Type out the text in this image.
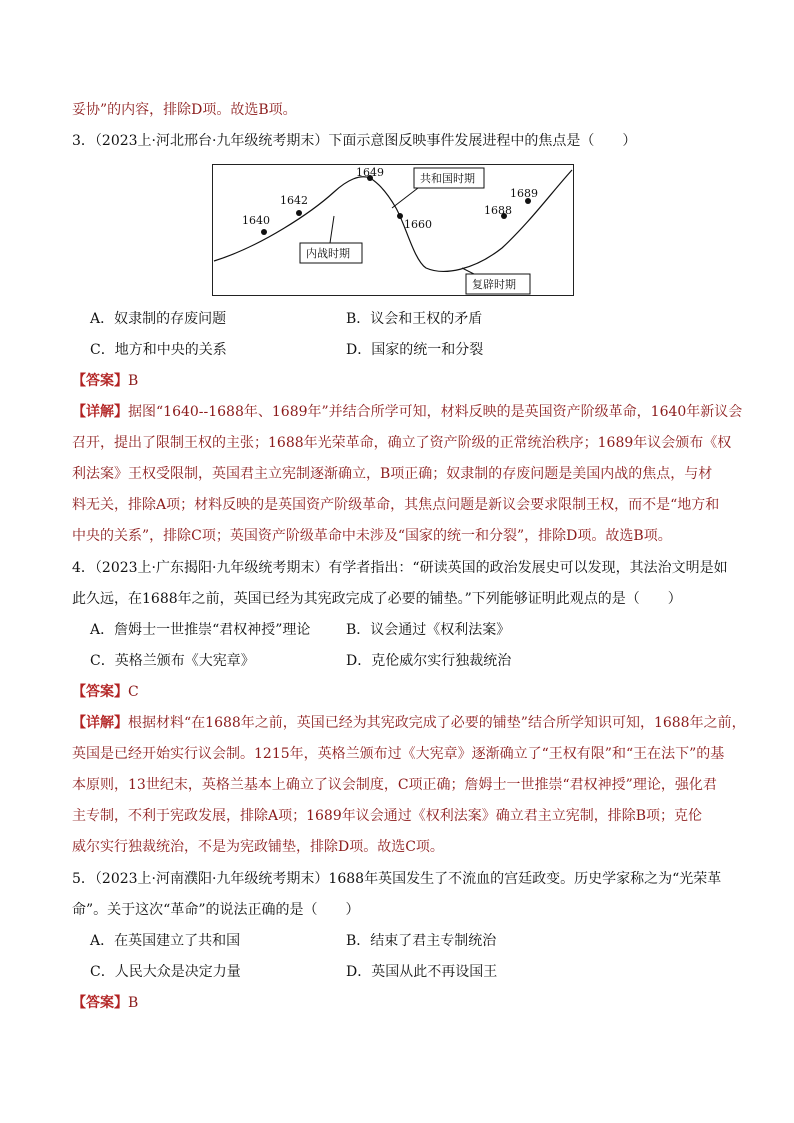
妥协”的内容，排除D项。故选B项。
3．（2023上·河北邢台·九年级统考期末）下面示意图反映事件发展进程中的焦点是（　　）
1640
1642
1649
1660
1688
1689
内战时期
共和国时期
复辟时期
A．奴隶制的存废问题	B．议会和王权的矛盾
C．地方和中央的关系	D．国家的统一和分裂
【答案】B
【详解】据图“1640--1688年、1689年”并结合所学可知，材料反映的是英国资产阶级革命，1640年新议会
召开，提出了限制王权的主张；1688年光荣革命，确立了资产阶级的正常统治秩序；1689年议会颁布《权
利法案》王权受限制，英国君主立宪制逐渐确立，B项正确；奴隶制的存废问题是美国内战的焦点，与材
料无关，排除A项；材料反映的是英国资产阶级革命，其焦点问题是新议会要求限制王权，而不是“地方和
中央的关系”，排除C项；英国资产阶级革命中未涉及“国家的统一和分裂”，排除D项。故选B项。
4．（2023上·广东揭阳·九年级统考期末）有学者指出：“研读英国的政治发展史可以发现，其法治文明是如
此久远，在1688年之前，英国已经为其宪政完成了必要的铺垫。”下列能够证明此观点的是（　　）
A．詹姆士一世推崇“君权神授”理论	B．议会通过《权利法案》
C．英格兰颁布《大宪章》	D．克伦威尔实行独裁统治
【答案】C
【详解】根据材料“在1688年之前，英国已经为其宪政完成了必要的铺垫”结合所学知识可知，1688年之前，
英国是已经开始实行议会制。1215年，英格兰颁布过《大宪章》逐渐确立了“王权有限”和“王在法下”的基
本原则，13世纪末，英格兰基本上确立了议会制度，C项正确；詹姆士一世推崇“君权神授”理论，强化君
主专制，不利于宪政发展，排除A项；1689年议会通过《权利法案》确立君主立宪制，排除B项；克伦
威尔实行独裁统治，不是为宪政铺垫，排除D项。故选C项。
5．（2023上·河南濮阳·九年级统考期末）1688年英国发生了不流血的宫廷政变。历史学家称之为“光荣革
命”。关于这次“革命”的说法正确的是（　　）
A．在英国建立了共和国	B．结束了君主专制统治
C．人民大众是决定力量	D．英国从此不再设国王
【答案】B
